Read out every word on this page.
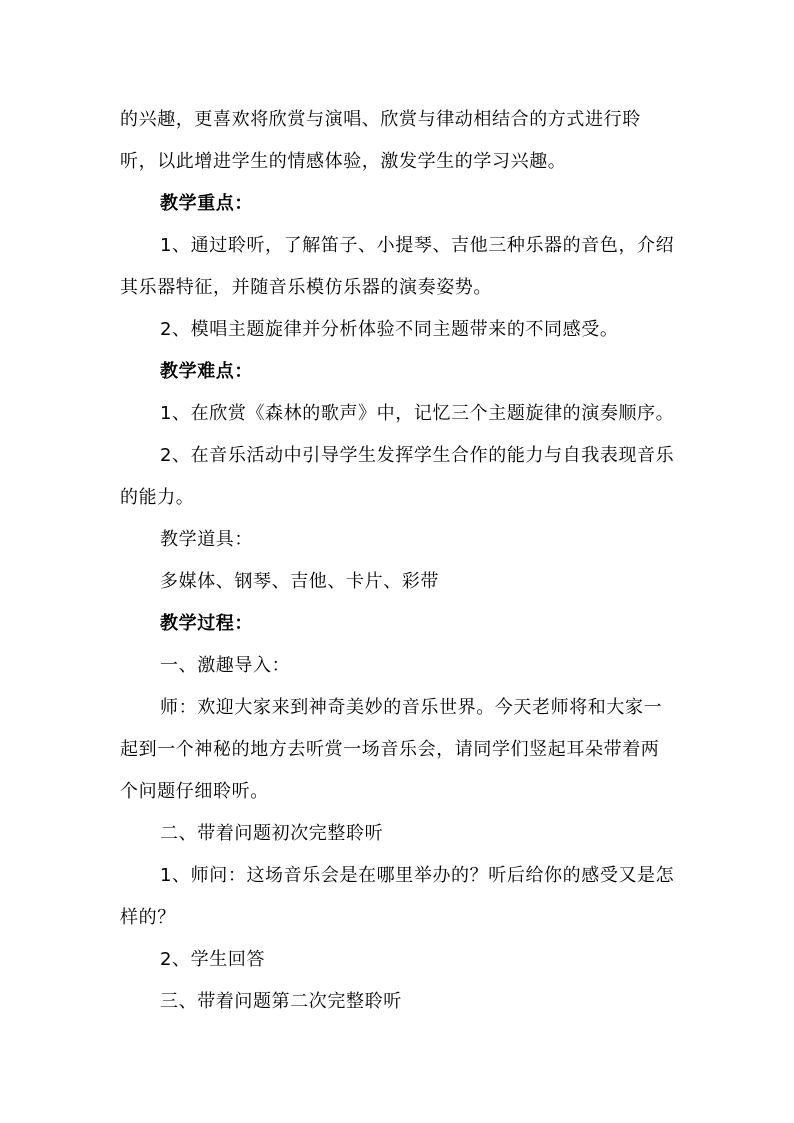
的兴趣，更喜欢将欣赏与演唱、欣赏与律动相结合的方式进行聆
听，以此增进学生的情感体验，激发学生的学习兴趣。
教学重点：
1、通过聆听，了解笛子、小提琴、吉他三种乐器的音色，介绍
其乐器特征，并随音乐模仿乐器的演奏姿势。
2、模唱主题旋律并分析体验不同主题带来的不同感受。
教学难点：
1、在欣赏《森林的歌声》中，记忆三个主题旋律的演奏顺序。
2、在音乐活动中引导学生发挥学生合作的能力与自我表现音乐
的能力。
教学道具：
多媒体、钢琴、吉他、卡片、彩带
教学过程：
一、激趣导入：
师：欢迎大家来到神奇美妙的音乐世界。今天老师将和大家一
起到一个神秘的地方去听赏一场音乐会，请同学们竖起耳朵带着两
个问题仔细聆听。
二、带着问题初次完整聆听
1、师问：这场音乐会是在哪里举办的？听后给你的感受又是怎
样的？
2、学生回答
三、带着问题第二次完整聆听
